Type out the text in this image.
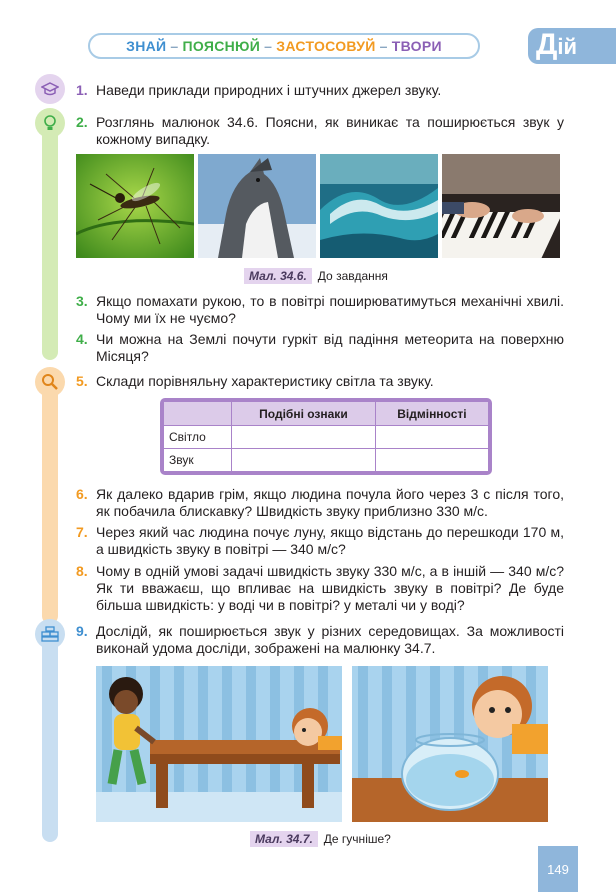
ЗНАЙ – ПОЯСНЮЙ – ЗАСТОСОВУЙ – ТВОРИ	Дій
1. Наведи приклади природних і штучних джерел звуку.
2. Розглянь малюнок 34.6. Поясни, як виникає та поширюється звук у кожному випадку.
Мал. 34.6. До завдання
3. Якщо помахати рукою, то в повітрі поширюватимуться механічні хвилі. Чому ми їх не чуємо?
4. Чи можна на Землі почути гуркіт від падіння метеорита на поверхню Місяця?
5. Склади порівняльну характеристику світла та звуку.
	Подібні ознаки	Відмінності
Світло		
Звук		
6. Як далеко вдарив грім, якщо людина почула його через 3 с після того, як побачила блискавку? Швидкість звуку приблизно 330 м/с.
7. Через який час людина почує луну, якщо відстань до перешкоди 170 м, а швидкість звуку в повітрі — 340 м/с?
8. Чому в одній умові задачі швидкість звуку 330 м/с, а в іншій — 340 м/с? Як ти вважаєш, що впливає на швидкість звуку в повітрі? Де буде більша швидкість: у воді чи в повітрі? у металі чи у воді?
9. Дослідй, як поширюється звук у різних середовищах. За можливості виконай удома досліди, зображені на малюнку 34.7.
Мал. 34.7. Де гучніше?
149
